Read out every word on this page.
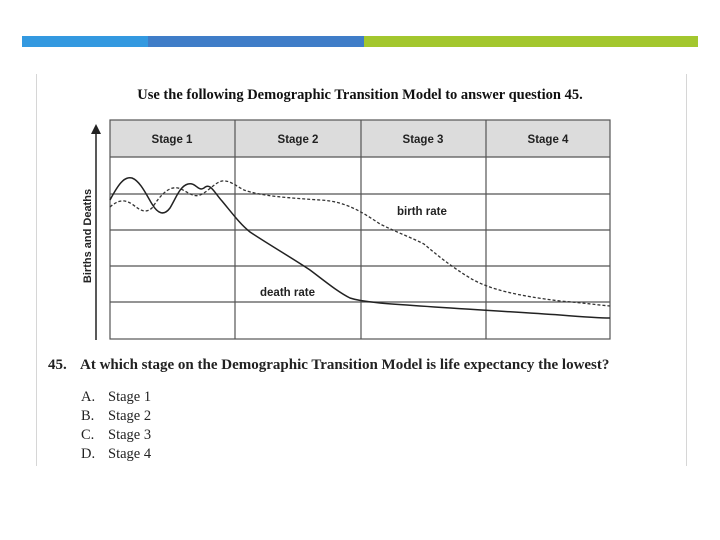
Use the following Demographic Transition Model to answer question 45.
Births and Deaths
Stage 1	Stage 2	Stage 3	Stage 4
birth rate
death rate
45. At which stage on the Demographic Transition Model is life expectancy the lowest?
A. Stage 1
B. Stage 2
C. Stage 3
D. Stage 4
